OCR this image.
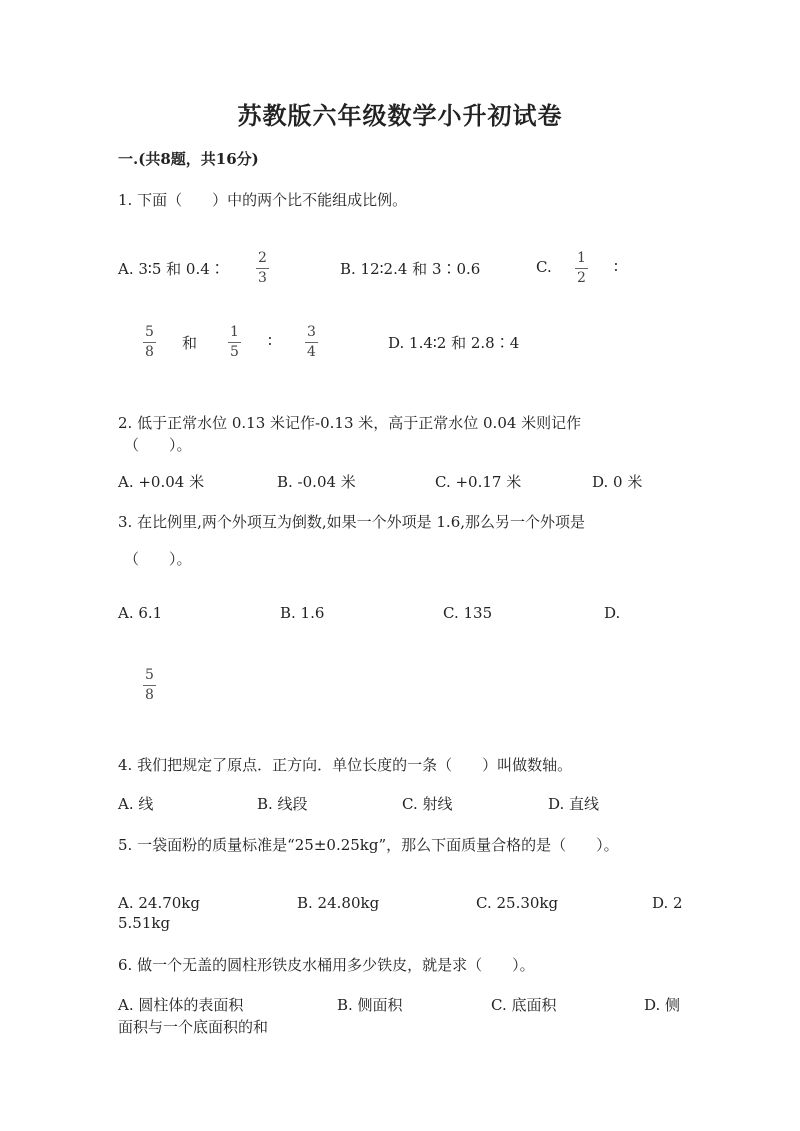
苏教版六年级数学小升初试卷
一.(共8题，共16分)
1. 下面（　　）中的两个比不能组成比例。
A. 3∶5 和 0.4∶
2
3	B. 12∶2.4 和 3∶0.6	C. 1
2
∶
5
8 和
1
5
∶	3
4	D. 1.4∶2 和 2.8∶4
2. 低于正常水位 0.13 米记作-0.13 米，高于正常水位 0.04 米则记作
（　　）。
A. +0.04 米	B. -0.04 米	C. +0.17 米	D. 0 米
3. 在比例里,两个外项互为倒数,如果一个外项是 1.6,那么另一个外项是
（　　）。
A. 6.1	B. 1.6	C. 135	D.
5
8
4. 我们把规定了原点．正方向．单位长度的一条（　　）叫做数轴。
A. 线	B. 线段	C. 射线	D. 直线
5. 一袋面粉的质量标准是“25±0.25kg”，那么下面质量合格的是（　　）。
A. 24.70kg	B. 24.80kg	C. 25.30kg	D. 2
5.51kg
6. 做一个无盖的圆柱形铁皮水桶用多少铁皮，就是求（　　）。
A. 圆柱体的表面积	B. 侧面积	C. 底面积	D. 侧
面积与一个底面积的和
